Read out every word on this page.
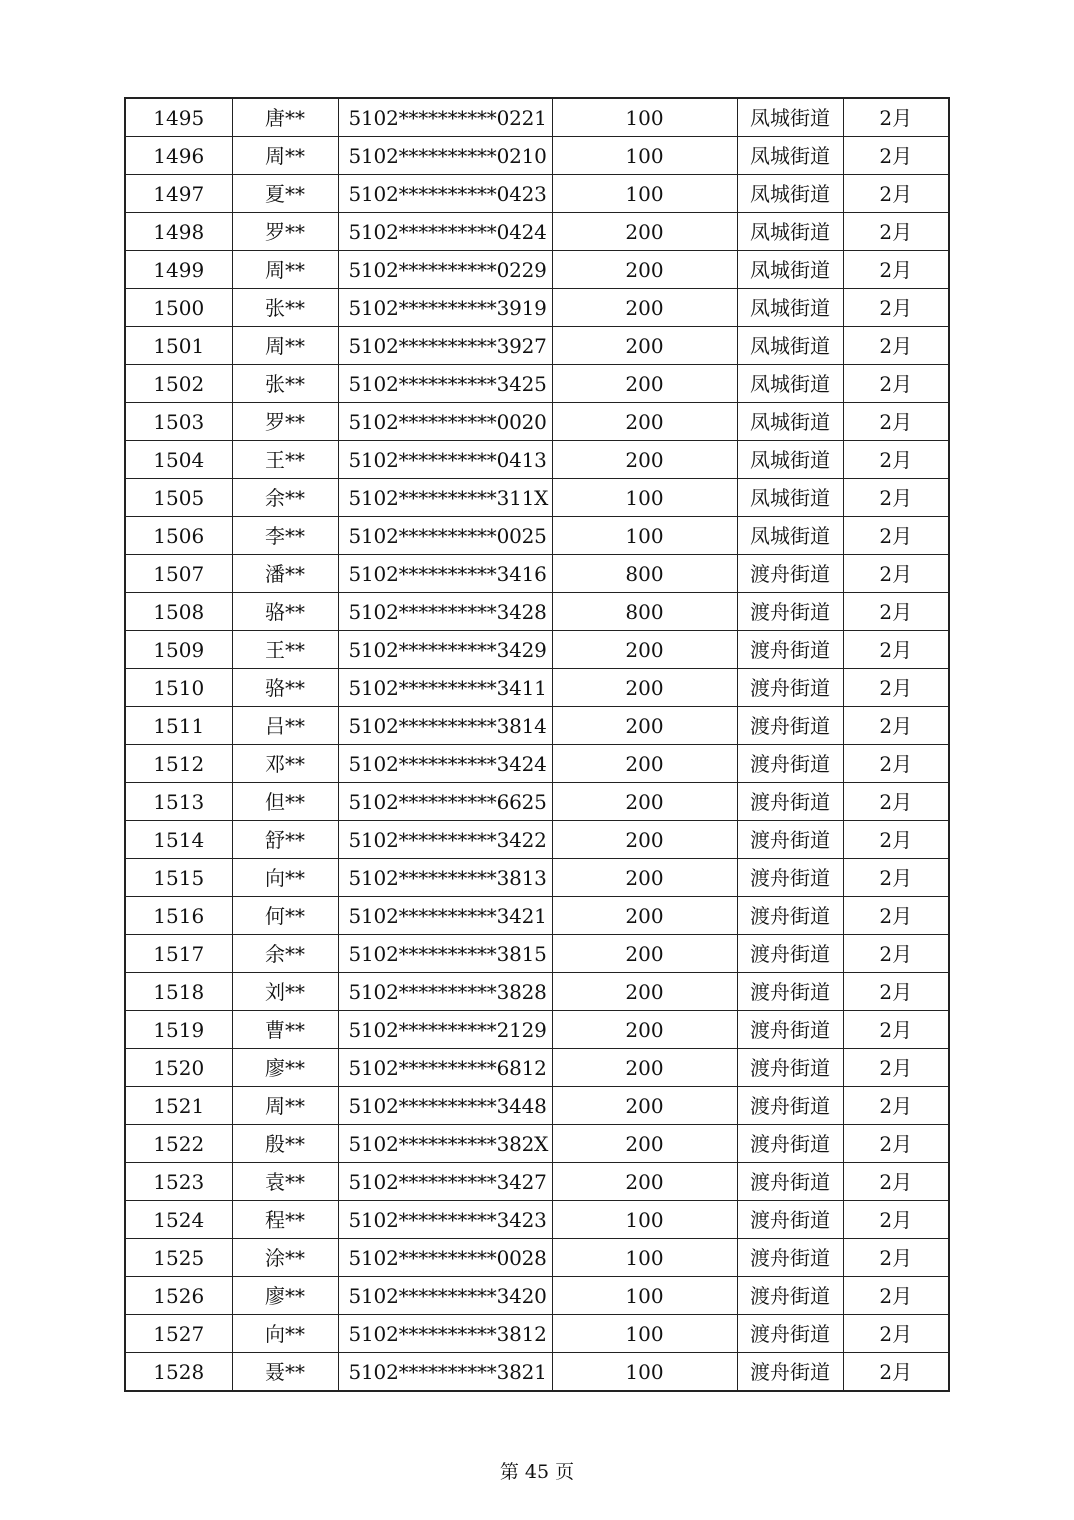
1495	唐**	5102**********0221	100	凤城街道	2月
1496	周**	5102**********0210	100	凤城街道	2月
1497	夏**	5102**********0423	100	凤城街道	2月
1498	罗**	5102**********0424	200	凤城街道	2月
1499	周**	5102**********0229	200	凤城街道	2月
1500	张**	5102**********3919	200	凤城街道	2月
1501	周**	5102**********3927	200	凤城街道	2月
1502	张**	5102**********3425	200	凤城街道	2月
1503	罗**	5102**********0020	200	凤城街道	2月
1504	王**	5102**********0413	200	凤城街道	2月
1505	余**	5102**********311X	100	凤城街道	2月
1506	李**	5102**********0025	100	凤城街道	2月
1507	潘**	5102**********3416	800	渡舟街道	2月
1508	骆**	5102**********3428	800	渡舟街道	2月
1509	王**	5102**********3429	200	渡舟街道	2月
1510	骆**	5102**********3411	200	渡舟街道	2月
1511	吕**	5102**********3814	200	渡舟街道	2月
1512	邓**	5102**********3424	200	渡舟街道	2月
1513	但**	5102**********6625	200	渡舟街道	2月
1514	舒**	5102**********3422	200	渡舟街道	2月
1515	向**	5102**********3813	200	渡舟街道	2月
1516	何**	5102**********3421	200	渡舟街道	2月
1517	余**	5102**********3815	200	渡舟街道	2月
1518	刘**	5102**********3828	200	渡舟街道	2月
1519	曹**	5102**********2129	200	渡舟街道	2月
1520	廖**	5102**********6812	200	渡舟街道	2月
1521	周**	5102**********3448	200	渡舟街道	2月
1522	殷**	5102**********382X	200	渡舟街道	2月
1523	袁**	5102**********3427	200	渡舟街道	2月
1524	程**	5102**********3423	100	渡舟街道	2月
1525	涂**	5102**********0028	100	渡舟街道	2月
1526	廖**	5102**********3420	100	渡舟街道	2月
1527	向**	5102**********3812	100	渡舟街道	2月
1528	聂**	5102**********3821	100	渡舟街道	2月
第 45 页
